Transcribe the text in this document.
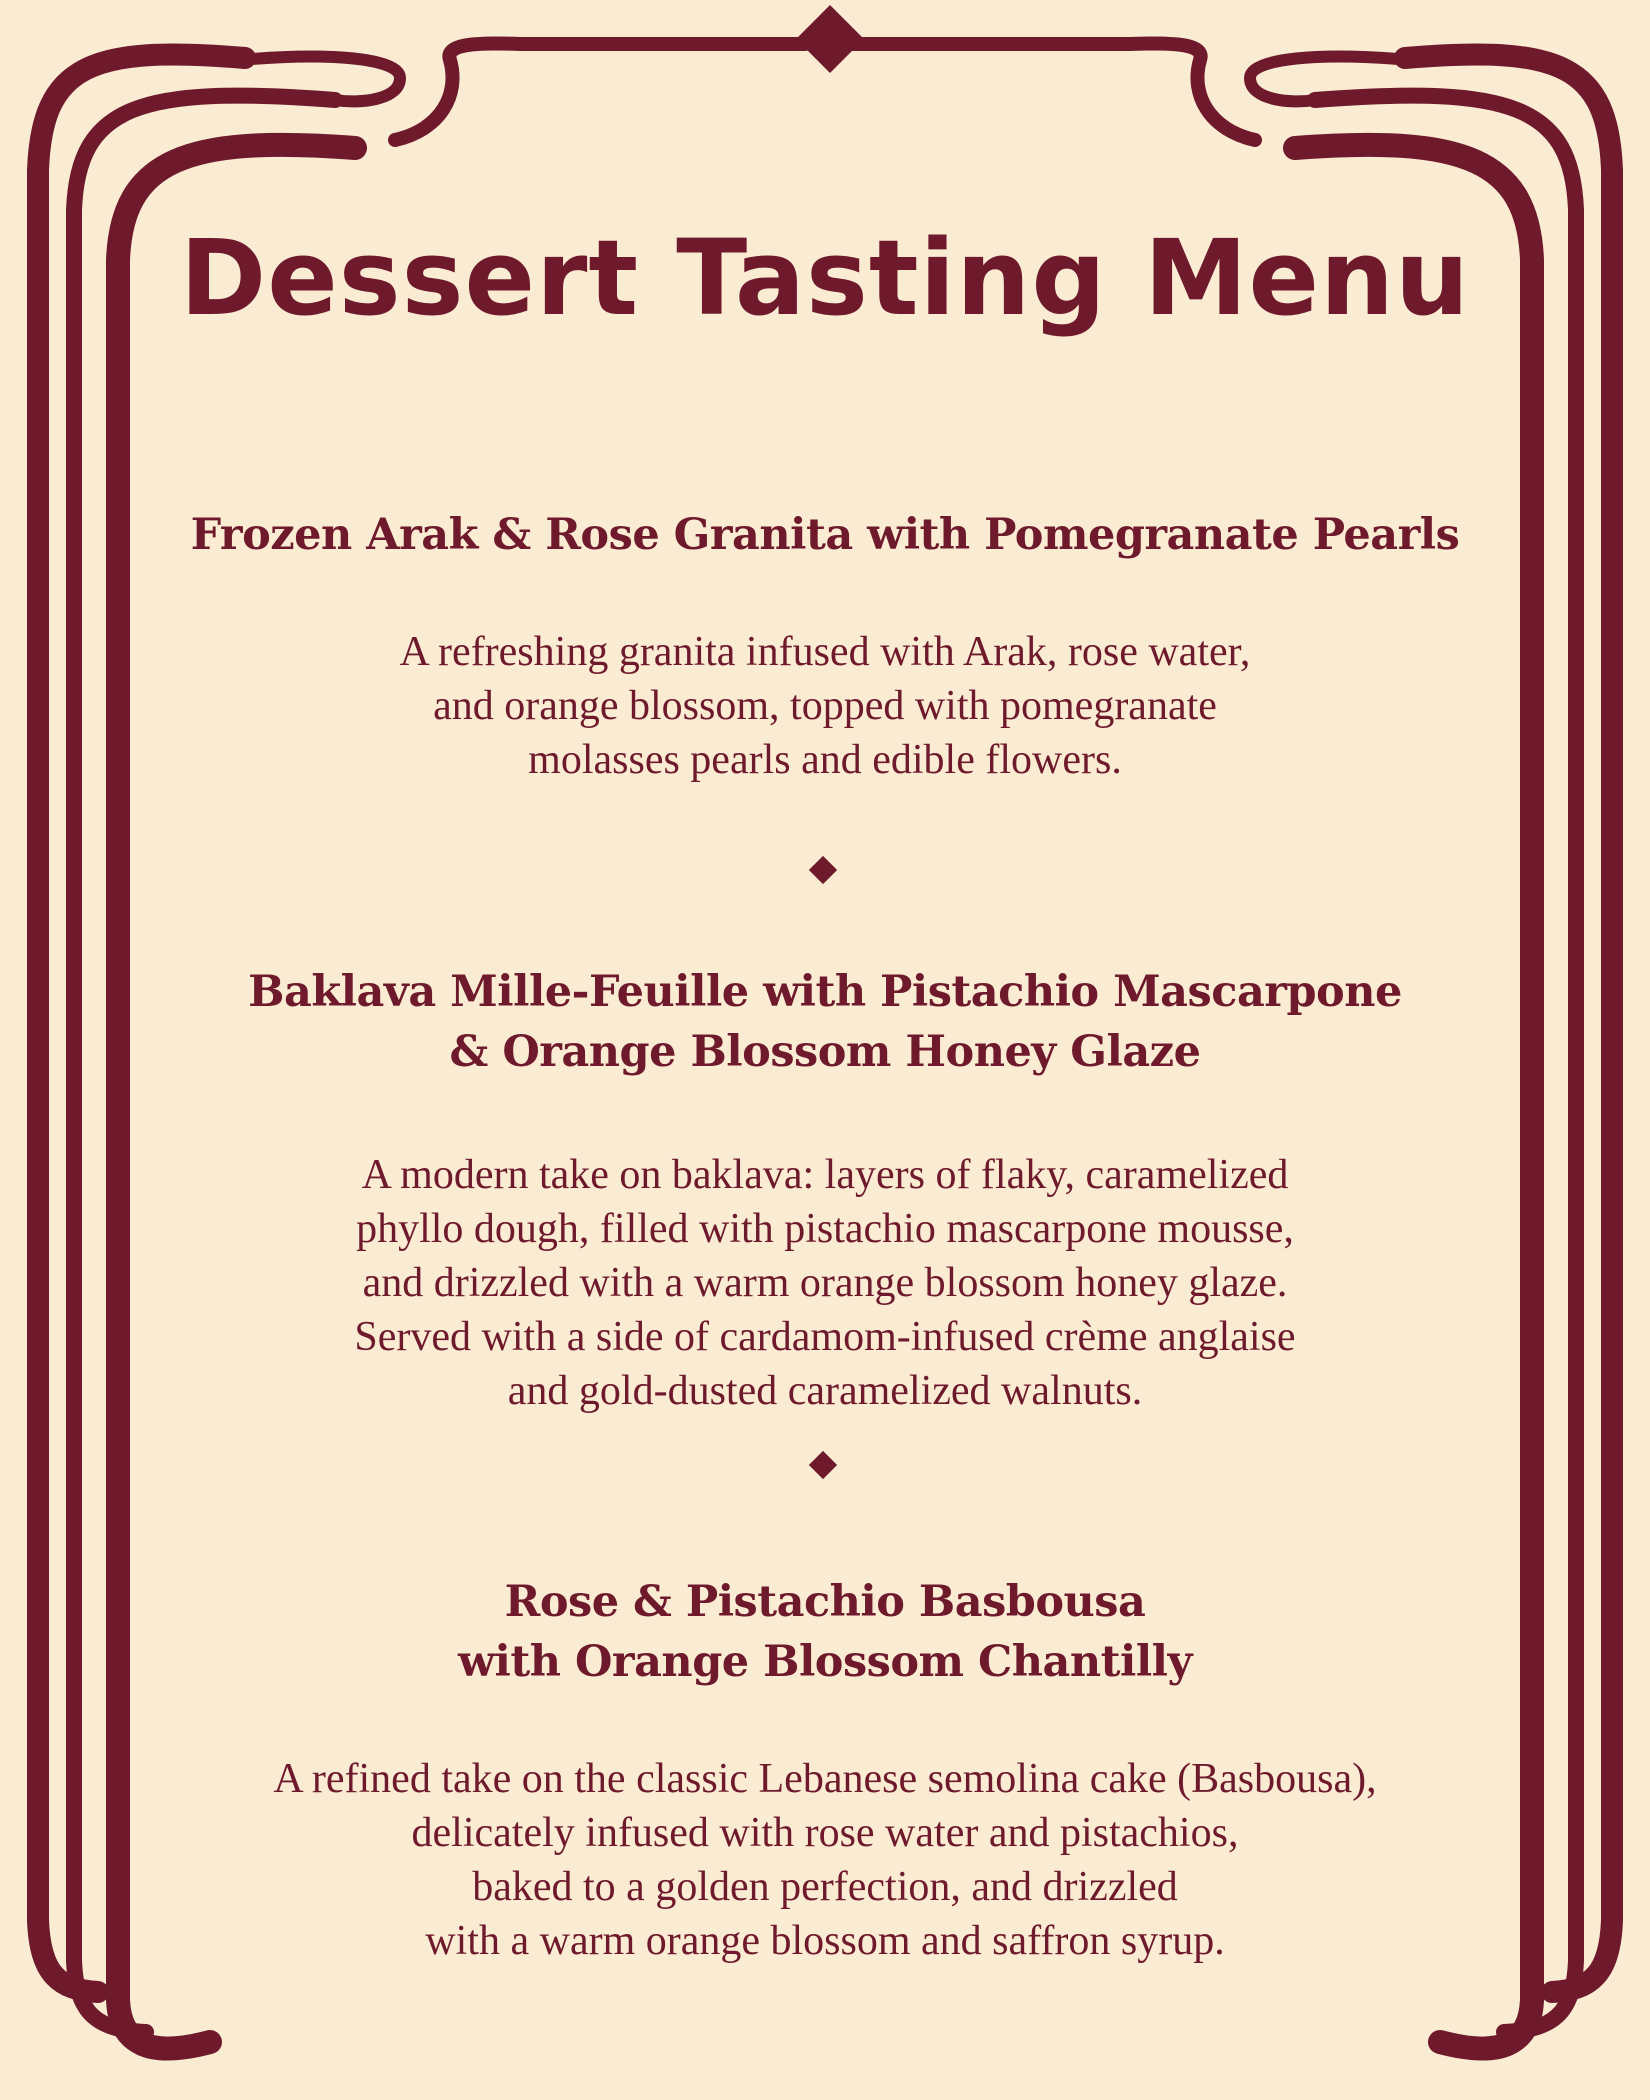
Dessert Tasting Menu
Frozen Arak & Rose Granita with Pomegranate Pearls
A refreshing granita infused with Arak, rose water,
and orange blossom, topped with pomegranate
molasses pearls and edible flowers.
Baklava Mille-Feuille with Pistachio Mascarpone
& Orange Blossom Honey Glaze
A modern take on baklava: layers of flaky, caramelized
phyllo dough, filled with pistachio mascarpone mousse,
and drizzled with a warm orange blossom honey glaze.
Served with a side of cardamom-infused crème anglaise
and gold-dusted caramelized walnuts.
Rose & Pistachio Basbousa
with Orange Blossom Chantilly
A refined take on the classic Lebanese semolina cake (Basbousa),
delicately infused with rose water and pistachios,
baked to a golden perfection, and drizzled
with a warm orange blossom and saffron syrup.
